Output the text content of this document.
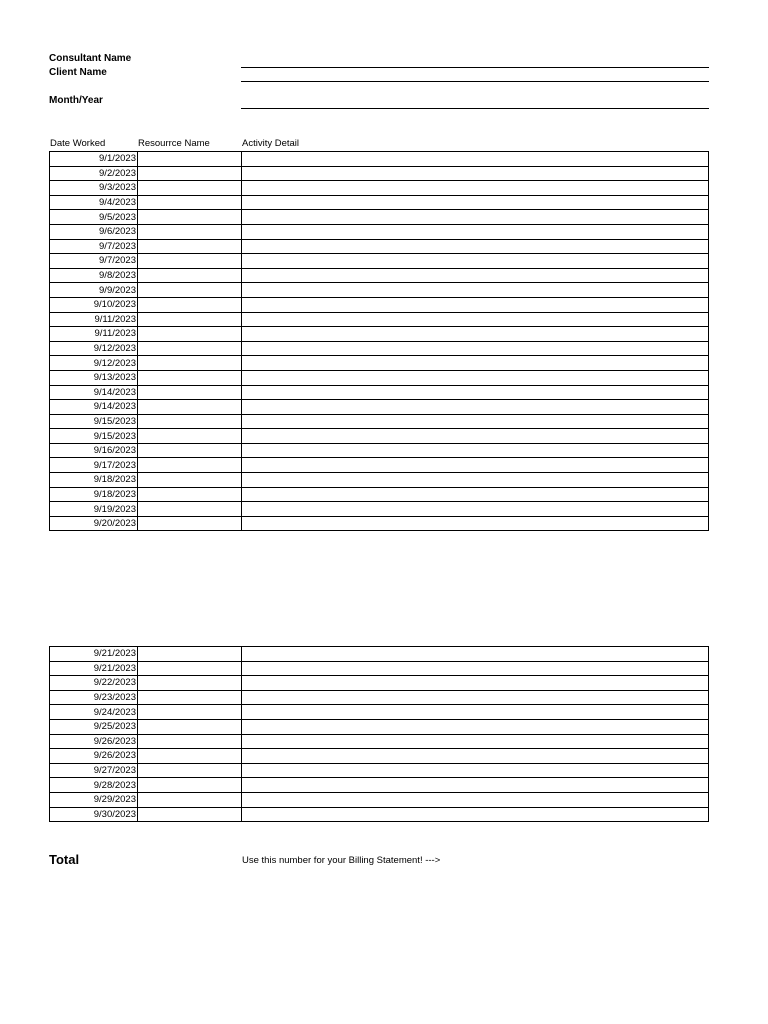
Consultant Name
Client Name
Month/Year
Date Worked	Resourrce Name	Activity Detail
9/1/2023		
9/2/2023		
9/3/2023		
9/4/2023		
9/5/2023		
9/6/2023		
9/7/2023		
9/7/2023		
9/8/2023		
9/9/2023		
9/10/2023		
9/11/2023		
9/11/2023		
9/12/2023		
9/12/2023		
9/13/2023		
9/14/2023		
9/14/2023		
9/15/2023		
9/15/2023		
9/16/2023		
9/17/2023		
9/18/2023		
9/18/2023		
9/19/2023		
9/20/2023		
9/21/2023		
9/21/2023		
9/22/2023		
9/23/2023		
9/24/2023		
9/25/2023		
9/26/2023		
9/26/2023		
9/27/2023		
9/28/2023		
9/29/2023		
9/30/2023		
Total	Use this number for your Billing Statement! --->
